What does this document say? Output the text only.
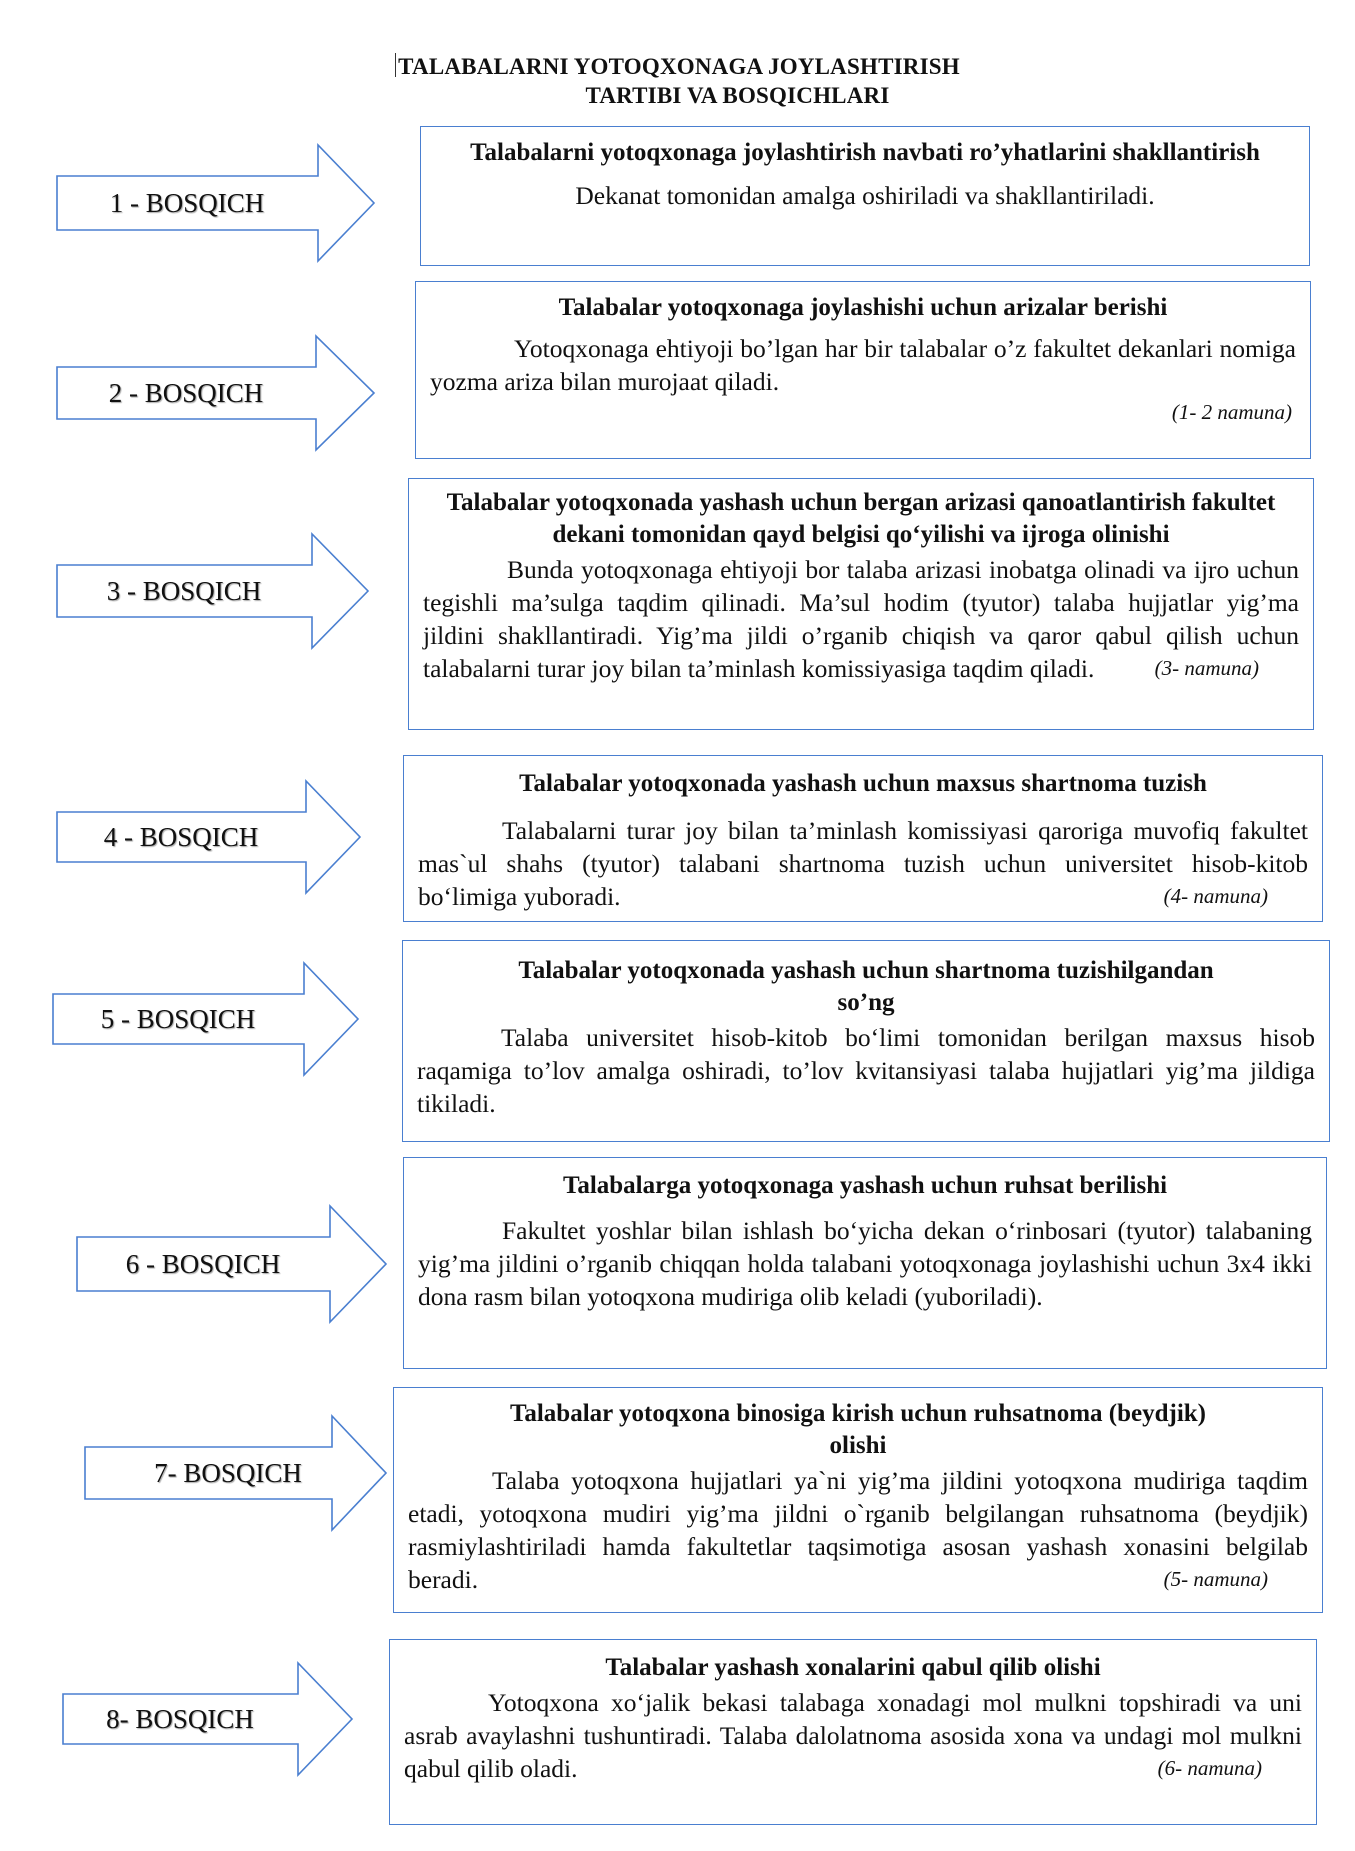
TALABALARNI YOTOQXONAGA JOYLASHTIRISH
TARTIBI VA BOSQICHLARI
1 - BOSQICH
Talabalarni yotoqxonaga joylashtirish navbati ro’yhatlarini shakllantirish
Dekanat tomonidan amalga oshiriladi va shakllantiriladi.
2 - BOSQICH
Talabalar yotoqxonaga joylashishi uchun arizalar berishi
Yotoqxonaga ehtiyoji bo’lgan har bir talabalar o’z fakultet dekanlari nomiga yozma ariza bilan murojaat qiladi.
(1- 2 namuna)
3 - BOSQICH
Talabalar yotoqxonada yashash uchun bergan arizasi qanoatlantirish fakultet dekani tomonidan qayd belgisi qo‘yilishi va ijroga olinishi
Bunda yotoqxonaga ehtiyoji bor talaba arizasi inobatga olinadi va ijro uchun tegishli ma’sulga taqdim qilinadi. Ma’sul hodim (tyutor) talaba hujjatlar yig’ma jildini shakllantiradi. Yig’ma jildi o’rganib chiqish va qaror qabul qilish uchun talabalarni turar joy bilan ta’minlash komissiyasiga taqdim qiladi.	(3- namuna)
4 - BOSQICH
Talabalar yotoqxonada yashash uchun maxsus shartnoma tuzish
Talabalarni turar joy bilan ta’minlash komissiyasi qaroriga muvofiq fakultet mas`ul shahs (tyutor) talabani shartnoma tuzish uchun universitet hisob-kitob bo‘limiga yuboradi.	(4- namuna)
5 - BOSQICH
Talabalar yotoqxonada yashash uchun shartnoma tuzishilgandan so’ng
Talaba universitet hisob-kitob bo‘limi tomonidan berilgan maxsus hisob raqamiga to’lov amalga oshiradi, to’lov kvitansiyasi talaba hujjatlari yig’ma jildiga tikiladi.
6 - BOSQICH
Talabalarga yotoqxonaga yashash uchun ruhsat berilishi
Fakultet yoshlar bilan ishlash bo‘yicha dekan o‘rinbosari (tyutor) talabaning yig’ma jildini o’rganib chiqqan holda talabani yotoqxonaga joylashishi uchun 3x4 ikki dona rasm bilan yotoqxona mudiriga olib keladi (yuboriladi).
7- BOSQICH
Talabalar yotoqxona binosiga kirish uchun ruhsatnoma (beydjik) olishi
Talaba yotoqxona hujjatlari ya`ni yig’ma jildini yotoqxona mudiriga taqdim etadi, yotoqxona mudiri yig’ma jildni o`rganib belgilangan ruhsatnoma (beydjik) rasmiylashtiriladi hamda fakultetlar taqsimotiga asosan yashash xonasini belgilab beradi.	(5- namuna)
8- BOSQICH
Talabalar yashash xonalarini qabul qilib olishi
Yotoqxona xo‘jalik bekasi talabaga xonadagi mol mulkni topshiradi va uni asrab avaylashni tushuntiradi. Talaba dalolatnoma asosida xona va undagi mol mulkni qabul qilib oladi.	(6- namuna)
